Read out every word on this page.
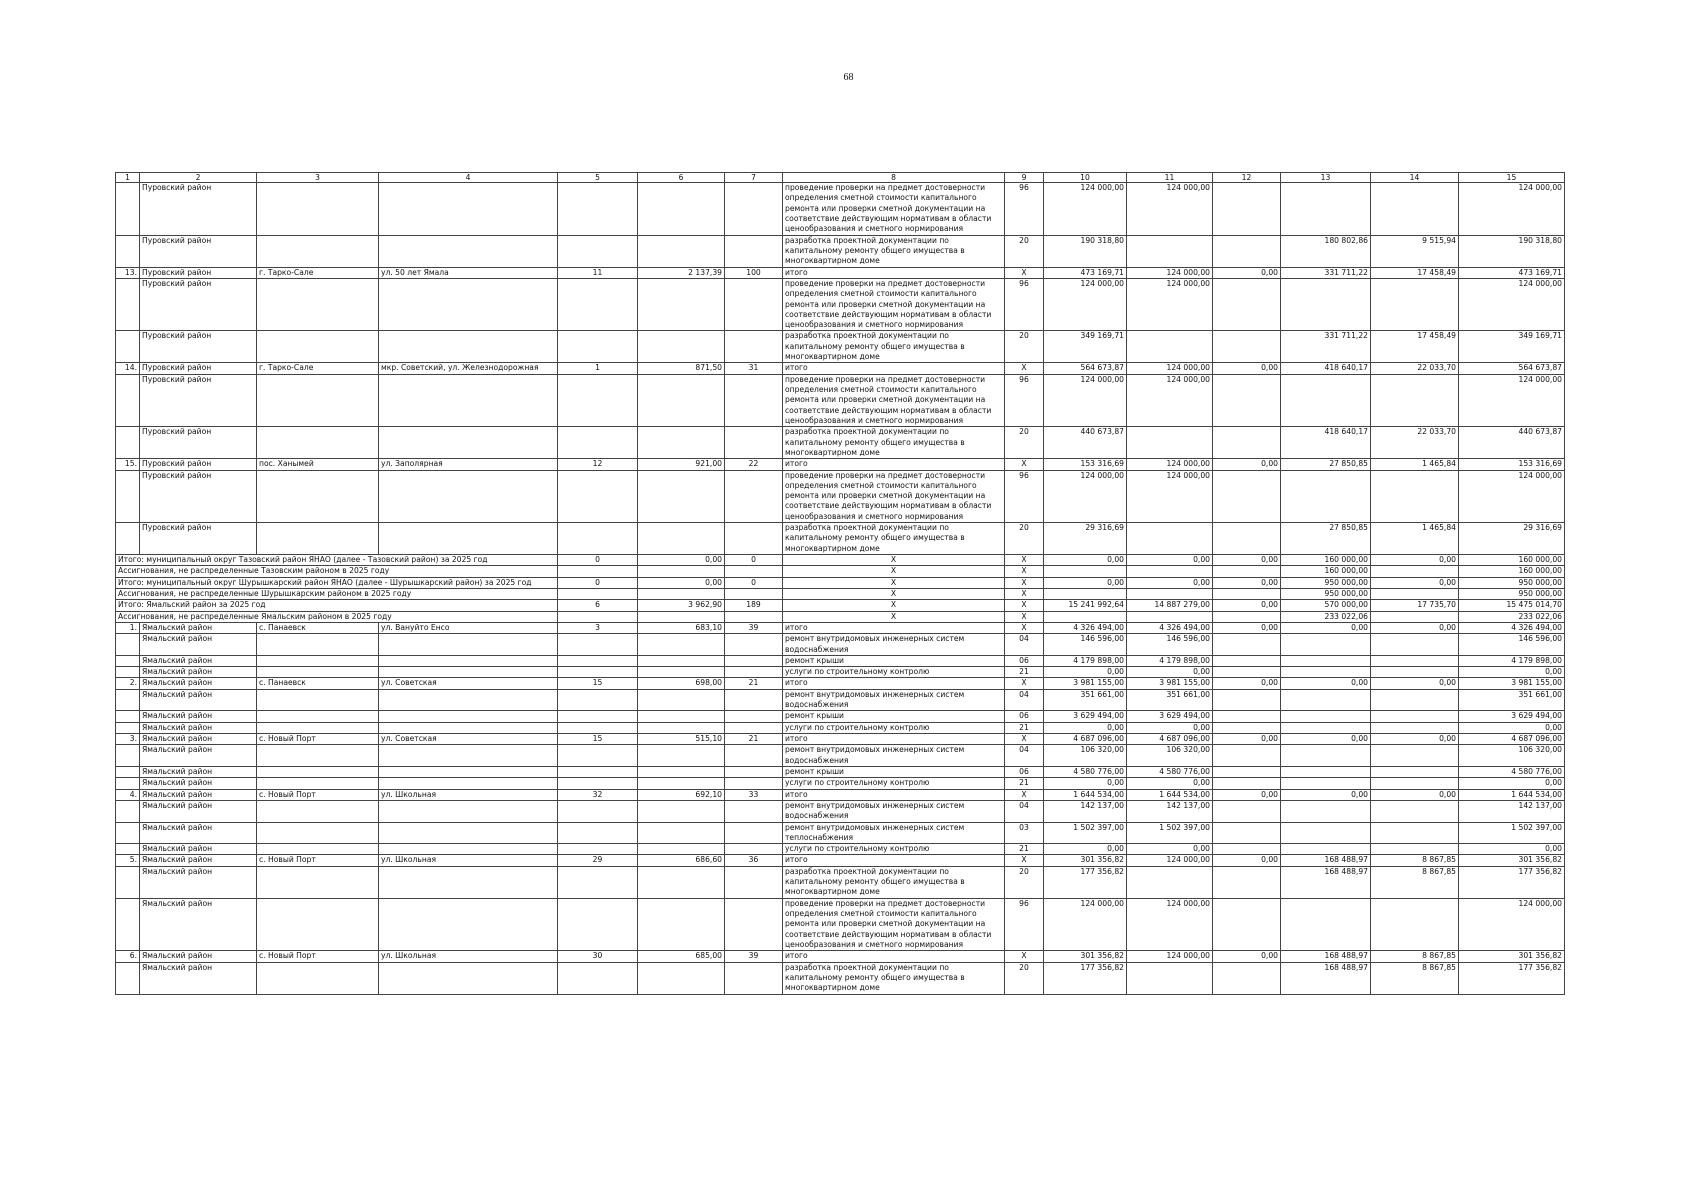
68
1	2	3	4	5	6	7	8	9	10	11	12	13	14	15
	Пуровский район						проведение проверки на предмет достоверности определения сметной стоимости капитального ремонта или проверки сметной документации на соответствие действующим нормативам в области ценообразования и сметного нормирования	96	124 000,00	124 000,00				124 000,00
	Пуровский район						разработка проектной документации по капитальному ремонту общего имущества в многоквартирном доме	20	190 318,80			180 802,86	9 515,94	190 318,80
13.	Пуровский район	г. Тарко-Сале	ул. 50 лет Ямала	11	2 137,39	100	итого	Х	473 169,71	124 000,00	0,00	331 711,22	17 458,49	473 169,71
	Пуровский район						проведение проверки на предмет достоверности определения сметной стоимости капитального ремонта или проверки сметной документации на соответствие действующим нормативам в области ценообразования и сметного нормирования	96	124 000,00	124 000,00				124 000,00
	Пуровский район						разработка проектной документации по капитальному ремонту общего имущества в многоквартирном доме	20	349 169,71			331 711,22	17 458,49	349 169,71
14.	Пуровский район	г. Тарко-Сале	мкр. Советский, ул. Железнодорожная	1	871,50	31	итого	Х	564 673,87	124 000,00	0,00	418 640,17	22 033,70	564 673,87
	Пуровский район						проведение проверки на предмет достоверности определения сметной стоимости капитального ремонта или проверки сметной документации на соответствие действующим нормативам в области ценообразования и сметного нормирования	96	124 000,00	124 000,00				124 000,00
	Пуровский район						разработка проектной документации по капитальному ремонту общего имущества в многоквартирном доме	20	440 673,87			418 640,17	22 033,70	440 673,87
15.	Пуровский район	пос. Ханымей	ул. Заполярная	12	921,00	22	итого	Х	153 316,69	124 000,00	0,00	27 850,85	1 465,84	153 316,69
	Пуровский район						проведение проверки на предмет достоверности определения сметной стоимости капитального ремонта или проверки сметной документации на соответствие действующим нормативам в области ценообразования и сметного нормирования	96	124 000,00	124 000,00				124 000,00
	Пуровский район						разработка проектной документации по капитальному ремонту общего имущества в многоквартирном доме	20	29 316,69			27 850,85	1 465,84	29 316,69
Итого: муниципальный округ Тазовский район ЯНАО (далее - Тазовский район) за 2025 год				0	0,00	0	Х	Х	0,00	0,00	0,00	160 000,00	0,00	160 000,00
Ассигнования, не распределенные Тазовским районом в 2025 году							Х	Х				160 000,00		160 000,00
Итого: муниципальный округ Шурышкарский район ЯНАО (далее - Шурышкарский район) за 2025 год				0	0,00	0	Х	Х	0,00	0,00	0,00	950 000,00	0,00	950 000,00
Ассигнования, не распределенные Шурышкарским районом в 2025 году							Х	Х				950 000,00		950 000,00
Итого: Ямальский район за 2025 год				6	3 962,90	189	Х	Х	15 241 992,64	14 887 279,00	0,00	570 000,00	17 735,70	15 475 014,70
Ассигнования, не распределенные Ямальским районом в 2025 году							Х	Х				233 022,06		233 022,06
1.	Ямальский район	с. Панаевск	ул. Вануйто Енсо	3	683,10	39	итого	Х	4 326 494,00	4 326 494,00	0,00	0,00	0,00	4 326 494,00
	Ямальский район						ремонт внутридомовых инженерных систем водоснабжения	04	146 596,00	146 596,00				146 596,00
	Ямальский район						ремонт крыши	06	4 179 898,00	4 179 898,00				4 179 898,00
	Ямальский район						услуги по строительному контролю	21	0,00	0,00				0,00
2.	Ямальский район	с. Панаевск	ул. Советская	15	698,00	21	итого	Х	3 981 155,00	3 981 155,00	0,00	0,00	0,00	3 981 155,00
	Ямальский район						ремонт внутридомовых инженерных систем водоснабжения	04	351 661,00	351 661,00				351 661,00
	Ямальский район						ремонт крыши	06	3 629 494,00	3 629 494,00				3 629 494,00
	Ямальский район						услуги по строительному контролю	21	0,00	0,00				0,00
3.	Ямальский район	с. Новый Порт	ул. Советская	15	515,10	21	итого	Х	4 687 096,00	4 687 096,00	0,00	0,00	0,00	4 687 096,00
	Ямальский район						ремонт внутридомовых инженерных систем водоснабжения	04	106 320,00	106 320,00				106 320,00
	Ямальский район						ремонт крыши	06	4 580 776,00	4 580 776,00				4 580 776,00
	Ямальский район						услуги по строительному контролю	21	0,00	0,00				0,00
4.	Ямальский район	с. Новый Порт	ул. Школьная	32	692,10	33	итого	Х	1 644 534,00	1 644 534,00	0,00	0,00	0,00	1 644 534,00
	Ямальский район						ремонт внутридомовых инженерных систем водоснабжения	04	142 137,00	142 137,00				142 137,00
	Ямальский район						ремонт внутридомовых инженерных систем теплоснабжения	03	1 502 397,00	1 502 397,00				1 502 397,00
	Ямальский район						услуги по строительному контролю	21	0,00	0,00				0,00
5.	Ямальский район	с. Новый Порт	ул. Школьная	29	686,60	36	итого	Х	301 356,82	124 000,00	0,00	168 488,97	8 867,85	301 356,82
	Ямальский район						разработка проектной документации по капитальному ремонту общего имущества в многоквартирном доме	20	177 356,82			168 488,97	8 867,85	177 356,82
	Ямальский район						проведение проверки на предмет достоверности определения сметной стоимости капитального ремонта или проверки сметной документации на соответствие действующим нормативам в области ценообразования и сметного нормирования	96	124 000,00	124 000,00				124 000,00
6.	Ямальский район	с. Новый Порт	ул. Школьная	30	685,00	39	итого	Х	301 356,82	124 000,00	0,00	168 488,97	8 867,85	301 356,82
	Ямальский район						разработка проектной документации по капитальному ремонту общего имущества в многоквартирном доме	20	177 356,82			168 488,97	8 867,85	177 356,82
